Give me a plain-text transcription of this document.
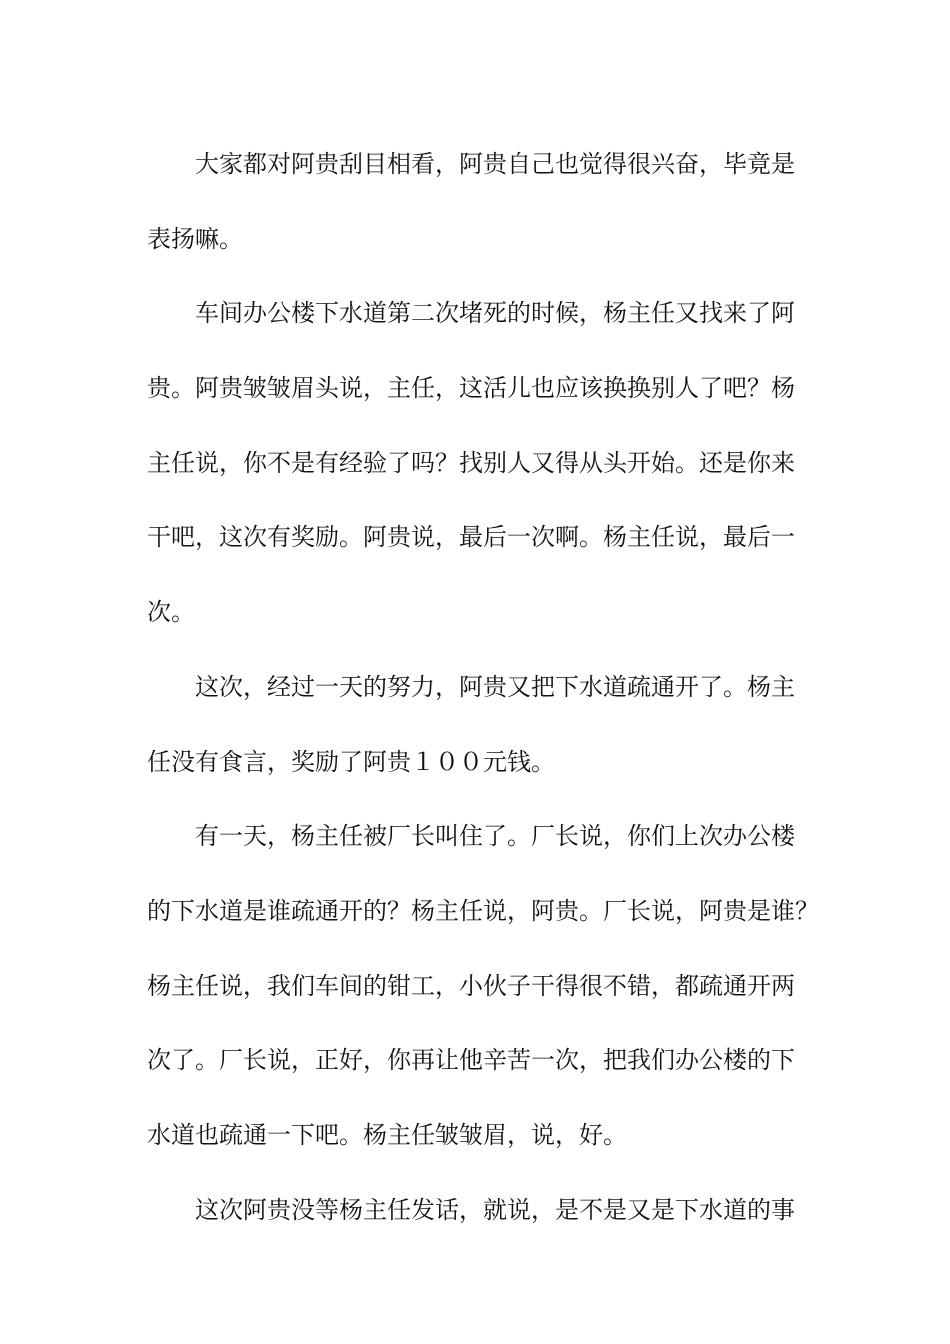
大家都对阿贵刮目相看，阿贵自己也觉得很兴奋，毕竟是
表扬嘛。
车间办公楼下水道第二次堵死的时候，杨主任又找来了阿
贵。阿贵皱皱眉头说，主任，这活儿也应该换换别人了吧？杨
主任说，你不是有经验了吗？找别人又得从头开始。还是你来
干吧，这次有奖励。阿贵说，最后一次啊。杨主任说，最后一
次。
这次，经过一天的努力，阿贵又把下水道疏通开了。杨主
任没有食言，奖励了阿贵１００元钱。
有一天，杨主任被厂长叫住了。厂长说，你们上次办公楼
的下水道是谁疏通开的？杨主任说，阿贵。厂长说，阿贵是谁？
杨主任说，我们车间的钳工，小伙子干得很不错，都疏通开两
次了。厂长说，正好，你再让他辛苦一次，把我们办公楼的下
水道也疏通一下吧。杨主任皱皱眉，说，好。
这次阿贵没等杨主任发话，就说，是不是又是下水道的事
